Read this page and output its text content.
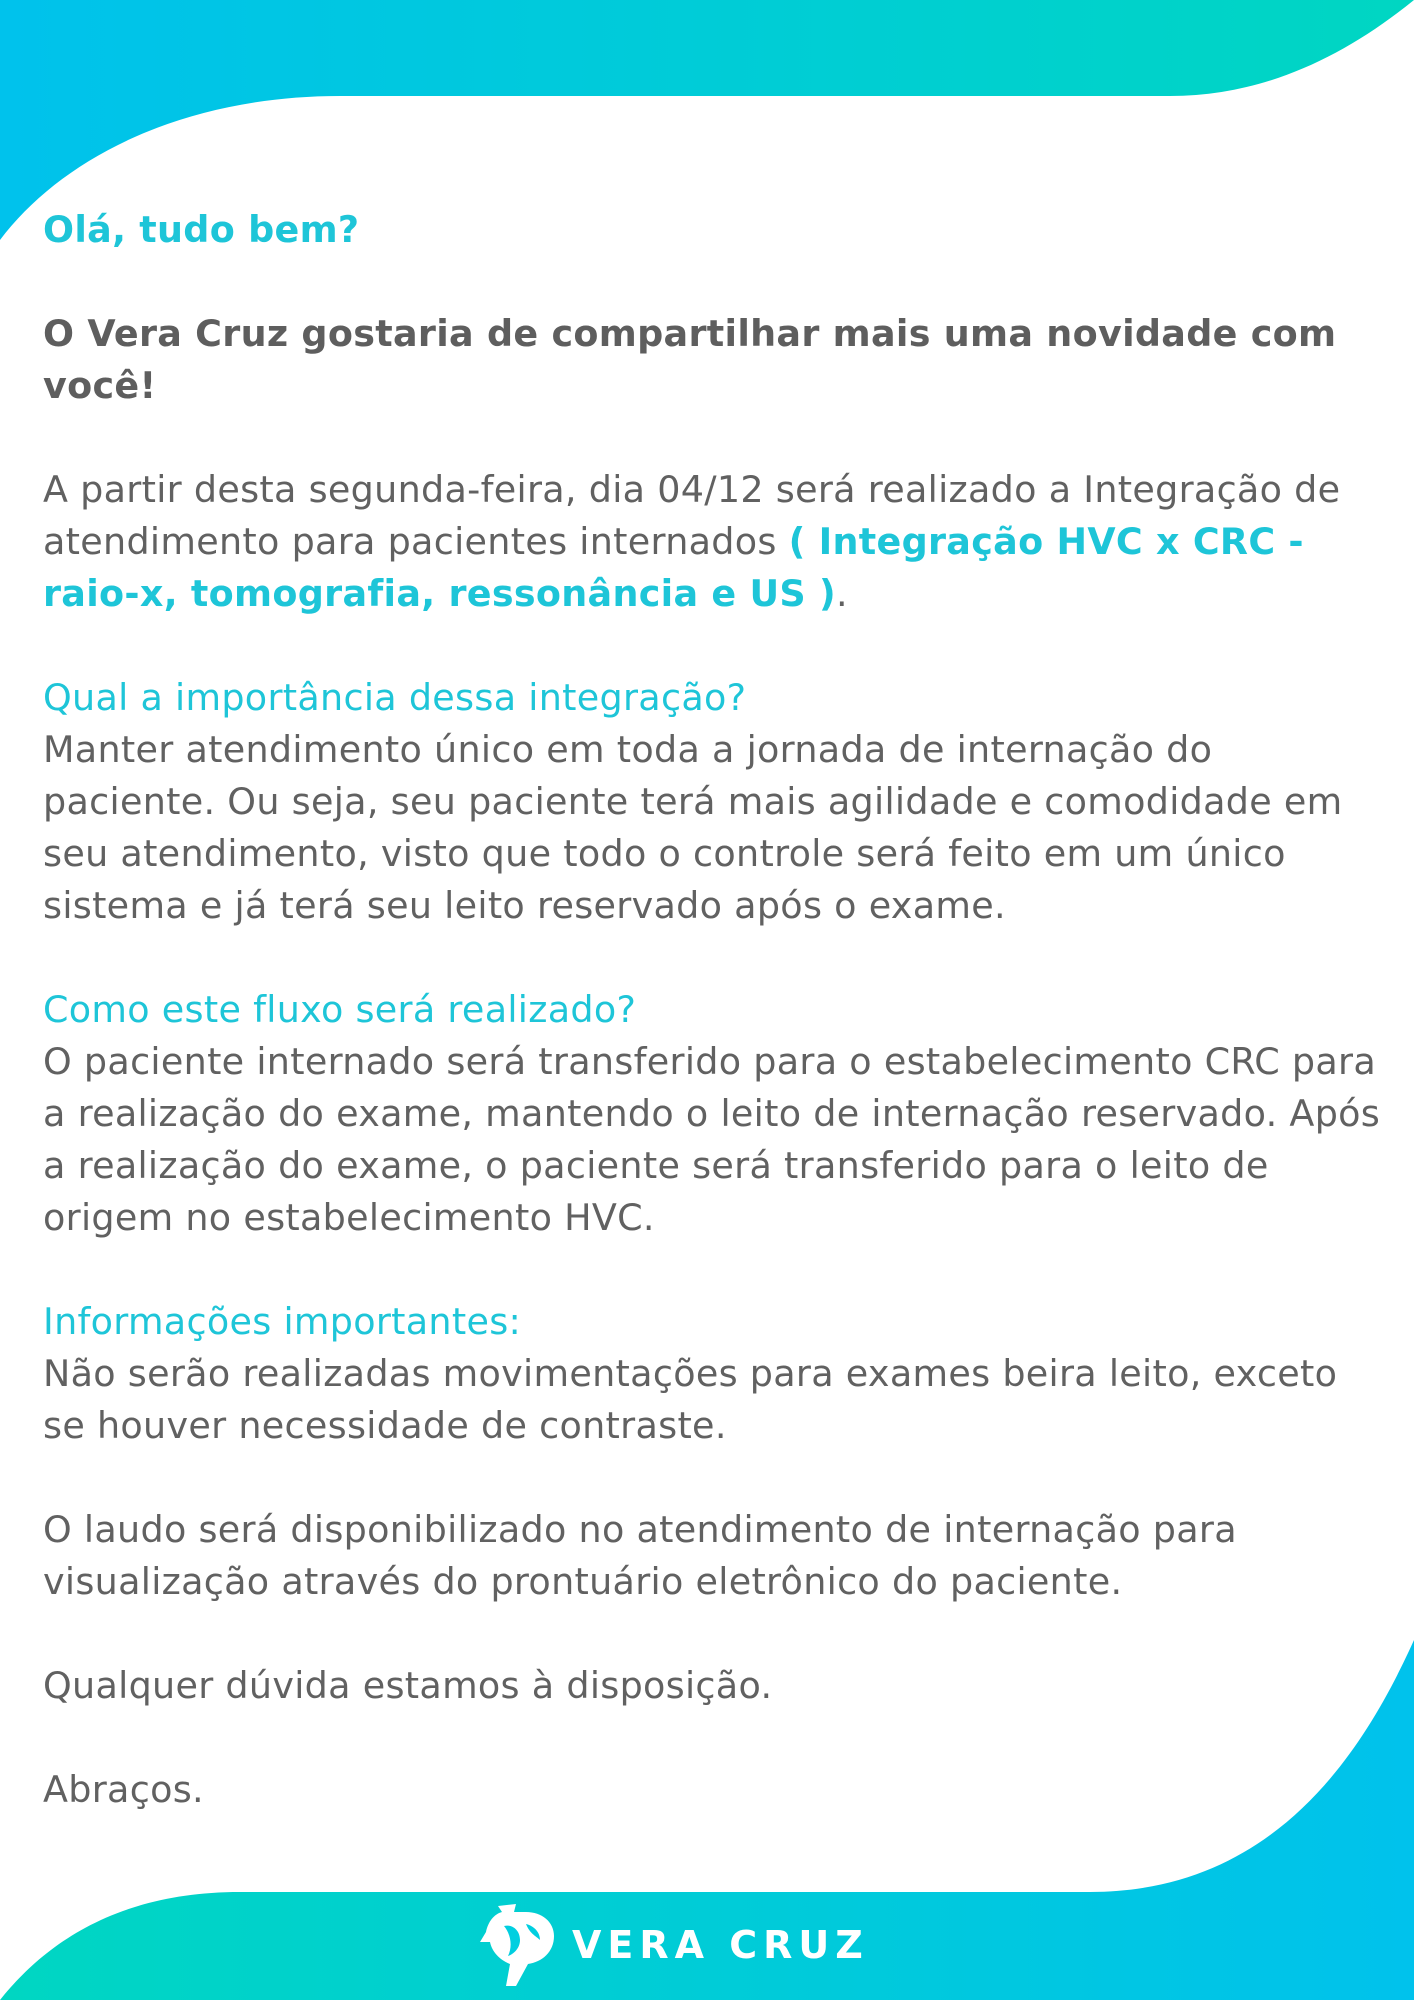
Olá, tudo bem?

O Vera Cruz gostaria de compartilhar mais uma novidade com você!

A partir desta segunda-feira, dia 04/12 será realizado a Integração de atendimento para pacientes internados ( Integração HVC x CRC - raio-x, tomografia, ressonância e US ).

Qual a importância dessa integração?

Manter atendimento único em toda a jornada de internação do paciente. Ou seja, seu paciente terá mais agilidade e comodidade em seu atendimento, visto que todo o controle será feito em um único sistema e já terá seu leito reservado após o exame.

Como este fluxo será realizado?

O paciente internado será transferido para o estabelecimento CRC para a realização do exame, mantendo o leito de internação reservado. Após a realização do exame, o paciente será transferido para o leito de origem no estabelecimento HVC.

Informações importantes:

Não serão realizadas movimentações para exames beira leito, exceto se houver necessidade de contraste.

O laudo será disponibilizado no atendimento de internação para visualização através do prontuário eletrônico do paciente.

Qualquer dúvida estamos à disposição.

Abraços.

VERA CRUZ
